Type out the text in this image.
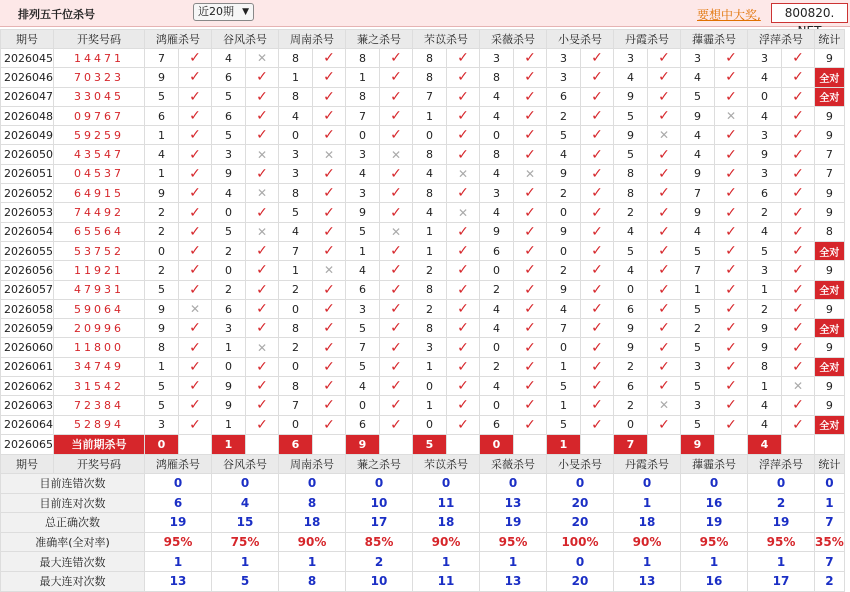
排列五千位杀号	近20期 ▼	要想中大奖,	800820.
期号	开奖号码	鸿雁杀号		谷风杀号		周南杀号		蒹之杀号		芣苡杀号		采薇杀号		小旻杀号		丹霞杀号		蘀霾杀号		浮萍杀号		统计
2026045	14471	7	✓	4	✕	8	✓	8	✓	8	✓	3	✓	3	✓	3	✓	3	✓	3	✓	9
2026046	70323	9	✓	6	✓	1	✓	1	✓	8	✓	8	✓	3	✓	4	✓	4	✓	4	✓	全对
2026047	33045	5	✓	5	✓	8	✓	8	✓	7	✓	4	✓	6	✓	9	✓	5	✓	0	✓	全对
2026048	09767	6	✓	6	✓	4	✓	7	✓	1	✓	4	✓	2	✓	5	✓	9	✕	4	✓	9
2026049	59259	1	✓	5	✓	0	✓	0	✓	0	✓	0	✓	5	✓	9	✕	4	✓	3	✓	9
2026050	43547	4	✓	3	✕	3	✕	3	✕	8	✓	8	✓	4	✓	5	✓	4	✓	9	✓	7
2026051	04537	1	✓	9	✓	3	✓	4	✓	4	✕	4	✕	9	✓	8	✓	9	✓	3	✓	7
2026052	64915	9	✓	4	✕	8	✓	3	✓	8	✓	3	✓	2	✓	8	✓	7	✓	6	✓	9
2026053	74492	2	✓	0	✓	5	✓	9	✓	4	✕	4	✓	0	✓	2	✓	9	✓	2	✓	9
2026054	65564	2	✓	5	✕	4	✓	5	✕	1	✓	9	✓	9	✓	4	✓	4	✓	4	✓	8
2026055	53752	0	✓	2	✓	7	✓	1	✓	1	✓	6	✓	0	✓	5	✓	5	✓	5	✓	全对
2026056	11921	2	✓	0	✓	1	✕	4	✓	2	✓	0	✓	2	✓	4	✓	7	✓	3	✓	9
2026057	47931	5	✓	2	✓	2	✓	6	✓	8	✓	2	✓	9	✓	0	✓	1	✓	1	✓	全对
2026058	59064	9	✕	6	✓	0	✓	3	✓	2	✓	4	✓	4	✓	6	✓	5	✓	2	✓	9
2026059	20996	9	✓	3	✓	8	✓	5	✓	8	✓	4	✓	7	✓	9	✓	2	✓	9	✓	全对
2026060	11800	8	✓	1	✕	2	✓	7	✓	3	✓	0	✓	0	✓	9	✓	5	✓	9	✓	9
2026061	34749	1	✓	0	✓	0	✓	5	✓	1	✓	2	✓	1	✓	2	✓	3	✓	8	✓	全对
2026062	31542	5	✓	9	✓	8	✓	4	✓	0	✓	4	✓	5	✓	6	✓	5	✓	1	✕	9
2026063	72384	5	✓	9	✓	7	✓	0	✓	1	✓	0	✓	1	✓	2	✕	3	✓	4	✓	9
2026064	52894	3	✓	1	✓	0	✓	6	✓	0	✓	6	✓	5	✓	0	✓	5	✓	4	✓	全对
2026065	当前期杀号	0		1		6		9		5		0		1		7		9		4		
期号	开奖号码	鸿雁杀号		谷风杀号		周南杀号		蒹之杀号		芣苡杀号		采薇杀号		小旻杀号		丹霞杀号		蘀霾杀号		浮萍杀号		统计
目前连错次数		0		0		0		0		0		0		0		0		0		0		0
目前连对次数		6		4		8		10		11		13		20		1		16		2		1
总正确次数		19		15		18		17		18		19		20		18		19		19		7
准确率(全对率)		95%		75%		90%		85%		90%		95%		100%		90%		95%		95%		35%
最大连错次数		1		1		1		2		1		1		0		1		1		1		7
最大连对次数		13		5		8		10		11		13		20		13		16		17		2
